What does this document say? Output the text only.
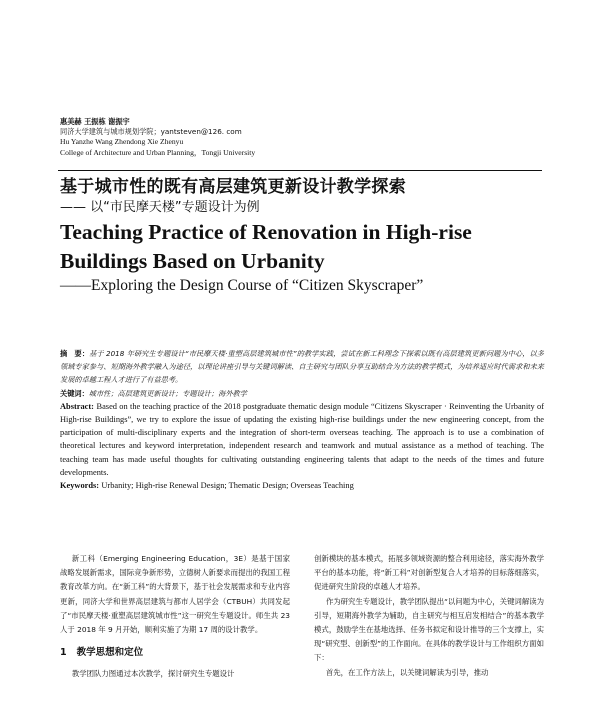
惠美赫 王振栋 谢振宇
同济大学建筑与城市规划学院；yantsteven@126. com
Hu Yanzhe Wang Zhendong Xie Zhenyu
College of Architecture and Urban Planning，Tongji University
基于城市性的既有高层建筑更新设计教学探索
—— 以“市民摩天楼”专题设计为例
Teaching Practice of Renovation in High-rise
Buildings Based on Urbanity
——Exploring the Design Course of “Citizen Skyscraper”

摘　要：基于 2018 年研究生专题设计“市民摩天楼·重塑高层建筑城市性”的教学实践，尝试在新工科理念下探索以既有高层建筑更新问题为中心，以多领域专家参与、短期海外教学融入为途径，以理论讲座引导与关键词解读、自主研究与团队分享互助结合为方法的教学模式，为培养适应时代需求和未来发展的卓越工程人才进行了有益思考。

关键词：城市性；高层建筑更新设计；专题设计；海外教学

Abstract: Based on the teaching practice of the 2018 postgraduate thematic design module “Citizens Skyscraper · Reinventing the Urbanity of High-rise Buildings”, we try to explore the issue of updating the existing high-rise buildings under the new engineering concept, from the participation of multi-disciplinary experts and the integration of short-term overseas teaching. The approach is to use a combination of theoretical lectures and keyword interpretation, independent research and teamwork and mutual assistance as a method of teaching. The teaching team has made useful thoughts for cultivating outstanding engineering talents that adapt to the needs of the times and future developments.

Keywords: Urbanity; High-rise Renewal Design; Thematic Design; Overseas Teaching

新工科（Emerging Engineering Education，3E）是基于国家战略发展新需求，国际竞争新形势，立德树人新要求而提出的我国工程教育改革方向。在“新工科”的大背景下，基于社会发展需求和专业内容更新，同济大学和世界高层建筑与都市人居学会（CTBUH）共同发起了“市民摩天楼·重塑高层建筑城市性”这一研究生专题设计。师生共 23 人于 2018 年 9 月开始，顺利实施了为期 17 周的设计教学。

1 教学思想和定位

教学团队力图通过本次教学，探讨研究生专题设计

创新模块的基本模式，拓展多领域资源的整合利用途径，落实海外教学平台的基本功能，将“新工科”对创新型复合人才培养的目标落细落实，促进研究生阶段的卓越人才培养。

作为研究生专题设计，教学团队提出“以问题为中心，关键词解读为引导，短期海外教学为辅助，自主研究与相互启发相结合”的基本教学模式，鼓励学生在基地选择、任务书拟定和设计推导的三个支撑上，实现“研究型、创新型”的工作面向。在具体的教学设计与工作组织方面如下：

首先，在工作方法上，以关键词解读为引导，推动
